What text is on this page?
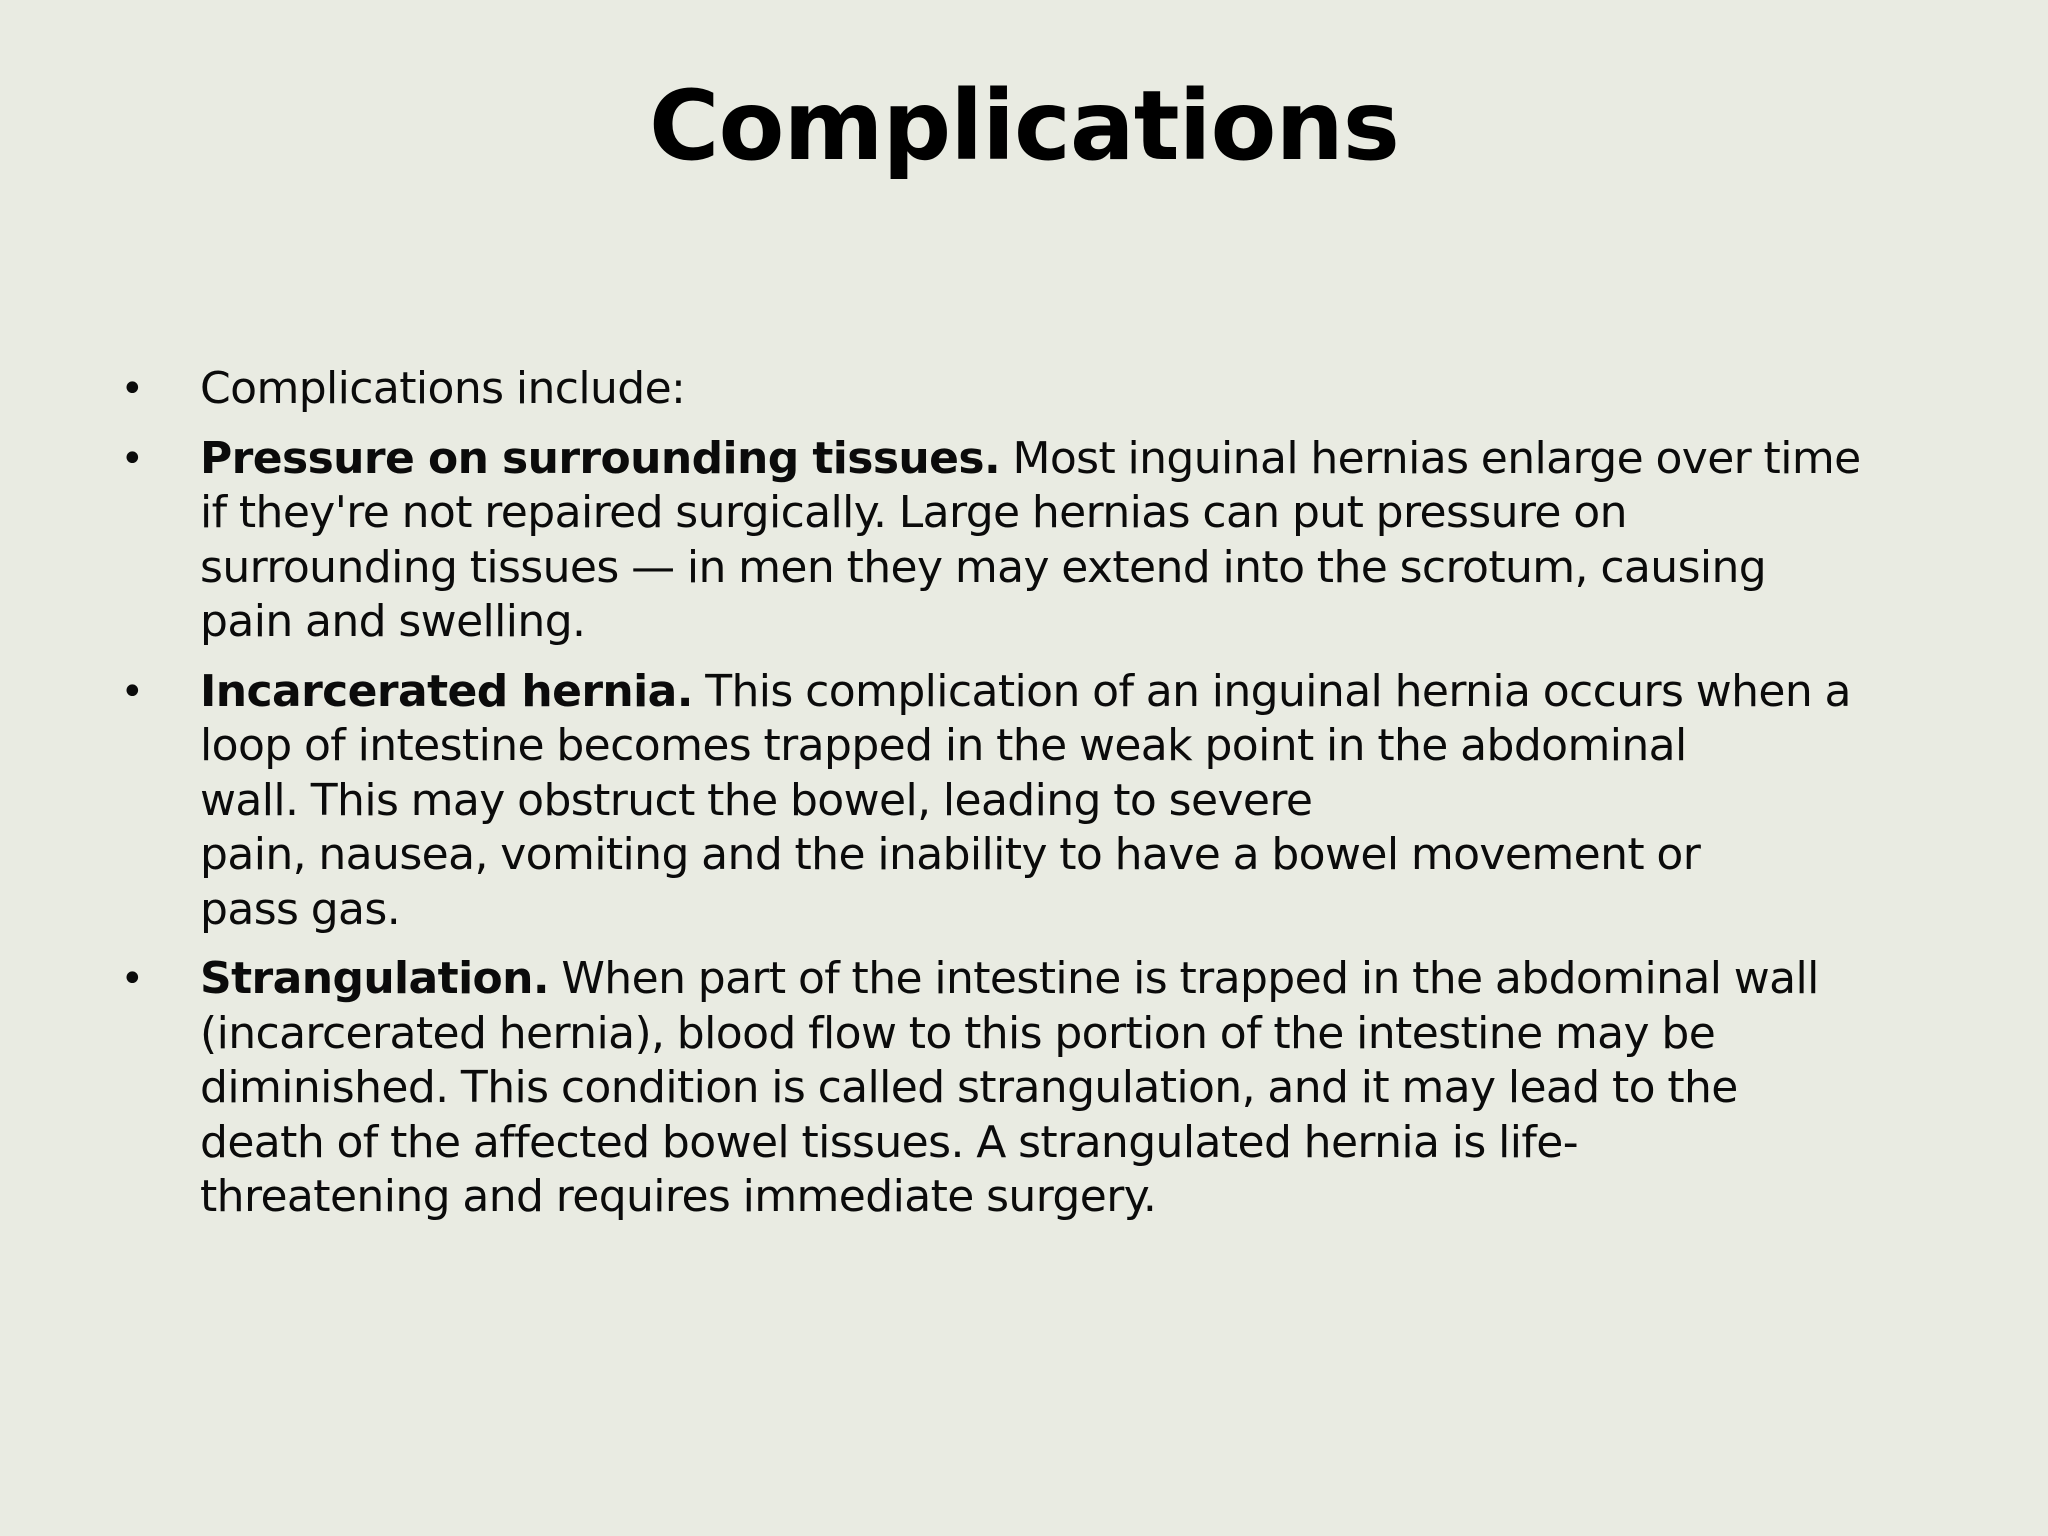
Complications
• Complications include:
• Pressure on surrounding tissues. Most inguinal hernias enlarge over time
if they're not repaired surgically. Large hernias can put pressure on
surrounding tissues — in men they may extend into the scrotum, causing
pain and swelling.
• Incarcerated hernia. This complication of an inguinal hernia occurs when a
loop of intestine becomes trapped in the weak point in the abdominal
wall. This may obstruct the bowel, leading to severe
pain, nausea, vomiting and the inability to have a bowel movement or
pass gas.
• Strangulation. When part of the intestine is trapped in the abdominal wall
(incarcerated hernia), blood flow to this portion of the intestine may be
diminished. This condition is called strangulation, and it may lead to the
death of the affected bowel tissues. A strangulated hernia is life-
threatening and requires immediate surgery.
